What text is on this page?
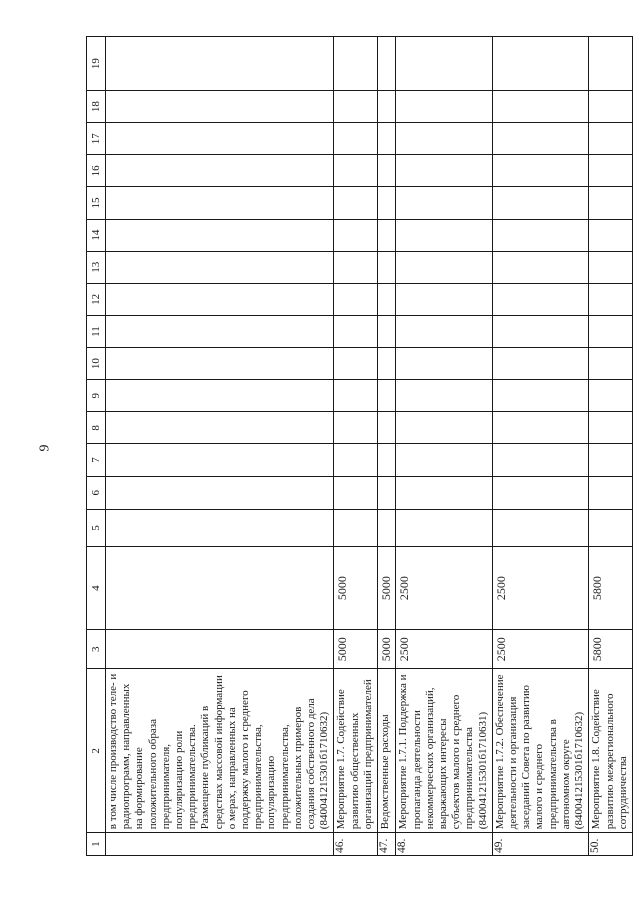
9
1	2	3	4	5	6	7	8	9	10	11	12	13	14	15	16	17	18	19
	в том числе производство теле- и радиопрограмм, направленных на формирование положительного образа предпринимателя, популяризацию роли предпринимательства. Размещение публикаций в средствах массовой информации о мерах, направленных на поддержку малого и среднего предпринимательства, популяризацию предпринимательства, положительных примеров создания собственного дела (840041215301б1710632)																	
46.	Мероприятие 1.7. Содействие развитию общественных организаций предпринимателей	5000	5000															
47.	Ведомственные расходы	5000	5000															
48.	Мероприятие 1.7.1. Поддержка и пропаганда деятельности некоммерческих организаций, выражающих интересы субъектов малого и среднего предпринимательства (840041215301б1710631)	2500	2500															
49.	Мероприятие 1.7.2. Обеспечение деятельности и организация заседаний Совета по развитию малого и среднего предпринимательства в автономном округе (840041215301б1710632)	2500	2500															
50.	Мероприятие 1.8. Содействие развитию межрегионального сотрудничества	5800	5800															
